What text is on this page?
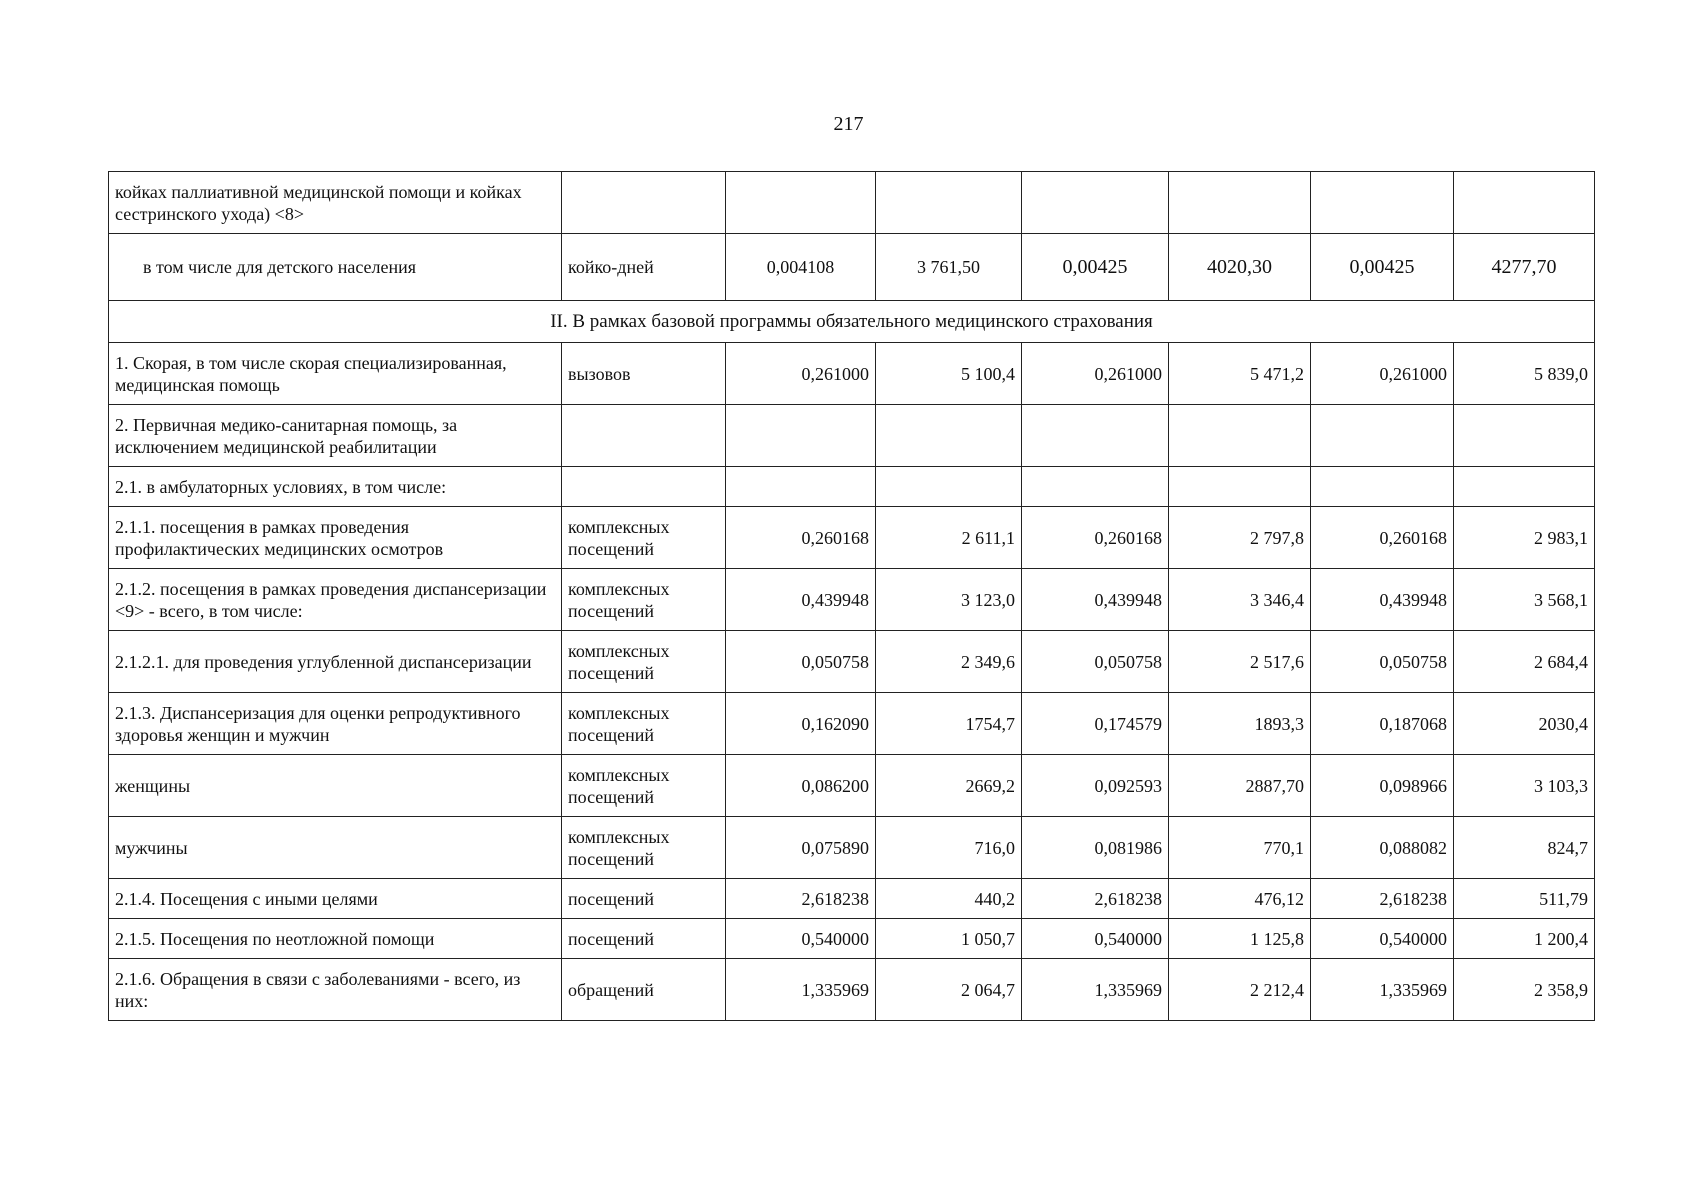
217
койках паллиативной медицинской помощи и койках сестринского ухода) <8>							
в том числе для детского населения	койко-дней	0,004108	3 761,50	0,00425	4020,30	0,00425	4277,70
II. В рамках базовой программы обязательного медицинского страхования							
1. Скорая, в том числе скорая специализированная, медицинская помощь	вызовов	0,261000	5 100,4	0,261000	5 471,2	0,261000	5 839,0
2. Первичная медико-санитарная помощь, за исключением медицинской реабилитации							
2.1. в амбулаторных условиях, в том числе:							
2.1.1. посещения в рамках проведения профилактических медицинских осмотров	комплексных посещений	0,260168	2 611,1	0,260168	2 797,8	0,260168	2 983,1
2.1.2. посещения в рамках проведения диспансеризации <9> - всего, в том числе:	комплексных посещений	0,439948	3 123,0	0,439948	3 346,4	0,439948	3 568,1
2.1.2.1. для проведения углубленной диспансеризации	комплексных посещений	0,050758	2 349,6	0,050758	2 517,6	0,050758	2 684,4
2.1.3. Диспансеризация для оценки репродуктивного здоровья женщин и мужчин	комплексных посещений	0,162090	1754,7	0,174579	1893,3	0,187068	2030,4
женщины	комплексных посещений	0,086200	2669,2	0,092593	2887,70	0,098966	3 103,3
мужчины	комплексных посещений	0,075890	716,0	0,081986	770,1	0,088082	824,7
2.1.4. Посещения с иными целями	посещений	2,618238	440,2	2,618238	476,12	2,618238	511,79
2.1.5. Посещения по неотложной помощи	посещений	0,540000	1 050,7	0,540000	1 125,8	0,540000	1 200,4
2.1.6. Обращения в связи с заболеваниями - всего, из них:	обращений	1,335969	2 064,7	1,335969	2 212,4	1,335969	2 358,9
